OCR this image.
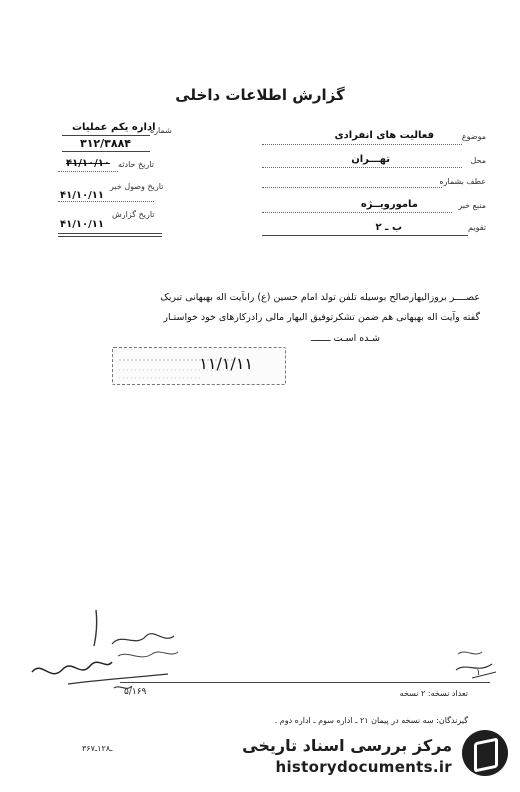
گزارش اطلاعات داخلی
شماره
اداره یکم عملیات
۳۱۲/۳۸۸۴
تاریخ حادثه
۴۱/۱۰/۱۰
تاریخ وصول خبر
۴۱/۱۰/۱۱
تاریخ گزارش
۴۱/۱۰/۱۱
موضوع
فعالیت های انفرادی
محل
تهـــران
عطف بشماره
منبع خبر
مامورویــژه
تقویم
ب ـ ۲
عصــــر بروزالیهارصالح بوسیله تلفن تولد امام حسین (ع) رابآیت اله بهبهانی تبریک
گفته وآیت اله بهبهانی هم ضمن تشکرتوفیق الیهار مالی رادرکارهای خود خواستـار
شـده اسـت ـــــــ
۱۱/۱/۱۱
۵/۱۶۹
۱
تعداد نسخه: ۲ نسخه
گیرندگان: سه نسخه در پیمان ۲۱ ـ اداره سوم ـ اداره دوم .
۳۶ـ۱۲۸ـ۷	مرکز بررسی اسناد تاریخی
historydocuments.ir
